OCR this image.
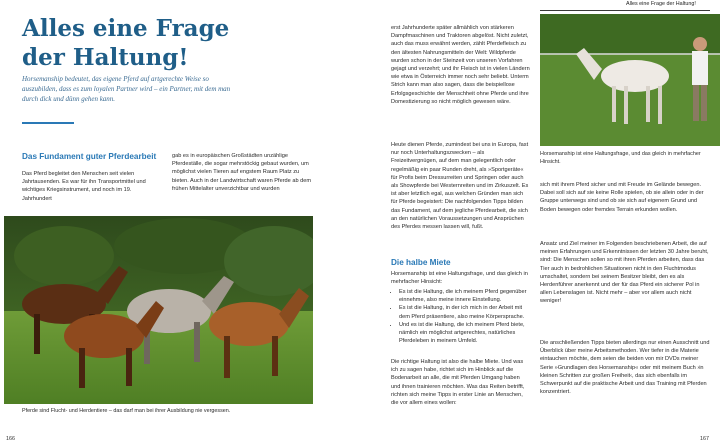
Alles eine Frage
der Haltung!
Horsemanship bedeutet, das eigene Pferd auf artgerechte Weise so auszubilden, dass es zum loyalen Partner wird – ein Partner, mit dem man durch dick und dünn gehen kann.
Das Fundament guter Pferdearbeit
Das Pferd begleitet den Menschen seit vielen Jahrtausenden. Es war für ihn Transportmittel und wichtiges Kriegsinstrument, und noch im 19. Jahrhundert
gab es in europäischen Großstädten unzählige Pferdeställe, die sogar mehrstöckig gebaut wurden, um möglichst vielen Tieren auf engstem Raum Platz zu bieten. Auch in der Landwirtschaft waren Pferde ab dem frühen Mittelalter unverzichtbar und wurden
Pferde sind Flucht- und Herdentiere – das darf man bei ihrer Ausbildung nie vergessen.
166
Alles eine Frage der Haltung!
erst Jahrhunderte später allmählich von stärkeren Dampfmaschinen und Traktoren abgelöst. Nicht zuletzt, auch das muss erwähnt werden, zählt Pferdefleisch zu den ältesten Nahrungsmitteln der Welt: Wildpferde wurden schon in der Steinzeit von unseren Vorfahren gejagt und verzehrt; und ihr Fleisch ist in vielen Ländern wie etwa in Österreich immer noch sehr beliebt. Unterm Strich kann man also sagen, dass die beispiellose Erfolgsgeschichte der Menschheit ohne Pferde und ihre Domestizierung so nicht möglich gewesen wäre.
Heute dienen Pferde, zumindest bei uns in Europa, fast nur noch Unterhaltungszwecken – als Freizeitvergnügen, auf dem man gelegentlich oder regelmäßig ein paar Runden dreht, als »Sportgeräte« für Profis beim Dressurreiten und Springen oder auch als Showpferde bei Westernreiten und im Zirkuszelt. Es ist aber letztlich egal, aus welchen Gründen man sich für Pferde begeistert: Die nachfolgenden Tipps bilden das Fundament, auf dem jegliche Pferdearbeit, die sich an den natürlichen Voraussetzungen und Ansprüchen des Pferdes messen lassen will, fußt.
Die halbe Miete
Horsemanship ist eine Haltungsfrage, und das gleich in mehrfacher Hinsicht:
• Es ist die Haltung, die ich meinem Pferd gegenüber einnehme, also meine innere Einstellung.
• Es ist die Haltung, in der ich mich in der Arbeit mit dem Pferd präsentiere, also meine Körpersprache.
• Und es ist die Haltung, die ich meinem Pferd biete, nämlich ein möglichst artgerechtes, natürliches Pferdeleben in meinem Umfeld.
Die richtige Haltung ist also die halbe Miete. Und was ich zu sagen habe, richtet sich im Hinblick auf die Bodenarbeit an alle, die mit Pferden Umgang haben und ihnen trainieren möchten. Was das Reiten betrifft, richten sich meine Tipps in erster Linie an Menschen, die vor allem eines wollen:
Horsemanship ist eine Haltungsfrage, und das gleich in mehrfacher Hinsicht.
sich mit ihrem Pferd sicher und mit Freude im Gelände bewegen. Dabei soll sich auf sie keine Rolle spielen, ob sie allein oder in der Gruppe unterwegs sind und ob sie sich auf eigenem Grund und Boden bewegen oder fremdes Terrain erkunden wollen.
Ansatz und Ziel meiner im Folgenden beschriebenen Arbeit, die auf meinen Erfahrungen und Erkenntnissen der letzten 30 Jahre beruht, sind: Die Menschen sollen so mit ihren Pferden arbeiten, dass das Tier auch in bedrohlichen Situationen nicht in den Fluchtmodus umschaltet, sondern bei seinem Besitzer bleibt, den es als Herdenführer anerkennt und der für das Pferd ein sicherer Pol in allen Lebenslagen ist. Nicht mehr – aber vor allem auch nicht weniger!
Die anschließenden Tipps bieten allerdings nur einen Ausschnitt und Überblick über meine Arbeitsmethoden. Wer tiefer in die Materie eintauchen möchte, dem seien die beiden von mir DVDs meiner Serie »Grundlagen des Horsemanship« oder mit meinem Buch ›in kleinen Schritten zur großen Freiheit‹, das sich ebenfalls im Schwerpunkt auf die praktische Arbeit und das Training mit Pferden konzentriert.
167
